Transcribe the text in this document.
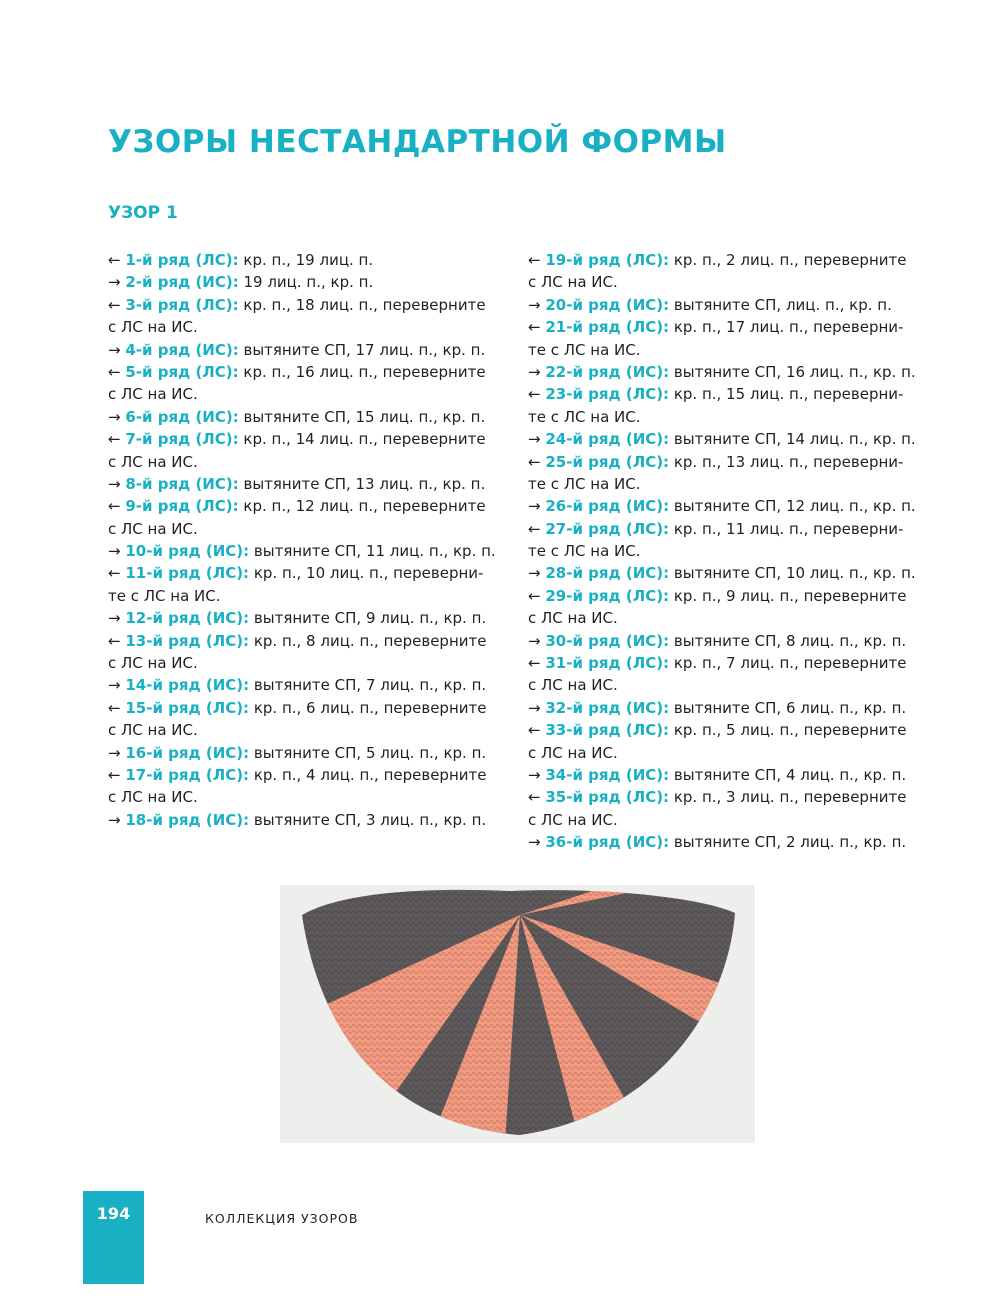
УЗОРЫ НЕСТАНДАРТНОЙ ФОРМЫ
УЗОР 1
← 1-й ряд (ЛС): кр. п., 19 лиц. п.
→ 2-й ряд (ИС): 19 лиц. п., кр. п.
← 3-й ряд (ЛС): кр. п., 18 лиц. п., переверните
с ЛС на ИС.
→ 4-й ряд (ИС): вытяните СП, 17 лиц. п., кр. п.
← 5-й ряд (ЛС): кр. п., 16 лиц. п., переверните
с ЛС на ИС.
→ 6-й ряд (ИС): вытяните СП, 15 лиц. п., кр. п.
← 7-й ряд (ЛС): кр. п., 14 лиц. п., переверните
с ЛС на ИС.
→ 8-й ряд (ИС): вытяните СП, 13 лиц. п., кр. п.
← 9-й ряд (ЛС): кр. п., 12 лиц. п., переверните
с ЛС на ИС.
→ 10-й ряд (ИС): вытяните СП, 11 лиц. п., кр. п.
← 11-й ряд (ЛС): кр. п., 10 лиц. п., переверни-
те с ЛС на ИС.
→ 12-й ряд (ИС): вытяните СП, 9 лиц. п., кр. п.
← 13-й ряд (ЛС): кр. п., 8 лиц. п., переверните
с ЛС на ИС.
→ 14-й ряд (ИС): вытяните СП, 7 лиц. п., кр. п.
← 15-й ряд (ЛС): кр. п., 6 лиц. п., переверните
с ЛС на ИС.
→ 16-й ряд (ИС): вытяните СП, 5 лиц. п., кр. п.
← 17-й ряд (ЛС): кр. п., 4 лиц. п., переверните
с ЛС на ИС.
→ 18-й ряд (ИС): вытяните СП, 3 лиц. п., кр. п.
← 19-й ряд (ЛС): кр. п., 2 лиц. п., переверните
с ЛС на ИС.
→ 20-й ряд (ИС): вытяните СП, лиц. п., кр. п.
← 21-й ряд (ЛС): кр. п., 17 лиц. п., переверни-
те с ЛС на ИС.
→ 22-й ряд (ИС): вытяните СП, 16 лиц. п., кр. п.
← 23-й ряд (ЛС): кр. п., 15 лиц. п., переверни-
те с ЛС на ИС.
→ 24-й ряд (ИС): вытяните СП, 14 лиц. п., кр. п.
← 25-й ряд (ЛС): кр. п., 13 лиц. п., переверни-
те с ЛС на ИС.
→ 26-й ряд (ИС): вытяните СП, 12 лиц. п., кр. п.
← 27-й ряд (ЛС): кр. п., 11 лиц. п., переверни-
те с ЛС на ИС.
→ 28-й ряд (ИС): вытяните СП, 10 лиц. п., кр. п.
← 29-й ряд (ЛС): кр. п., 9 лиц. п., переверните
с ЛС на ИС.
→ 30-й ряд (ИС): вытяните СП, 8 лиц. п., кр. п.
← 31-й ряд (ЛС): кр. п., 7 лиц. п., переверните
с ЛС на ИС.
→ 32-й ряд (ИС): вытяните СП, 6 лиц. п., кр. п.
← 33-й ряд (ЛС): кр. п., 5 лиц. п., переверните
с ЛС на ИС.
→ 34-й ряд (ИС): вытяните СП, 4 лиц. п., кр. п.
← 35-й ряд (ЛС): кр. п., 3 лиц. п., переверните
с ЛС на ИС.
→ 36-й ряд (ИС): вытяните СП, 2 лиц. п., кр. п.
194	КОЛЛЕКЦИЯ УЗОРОВ
